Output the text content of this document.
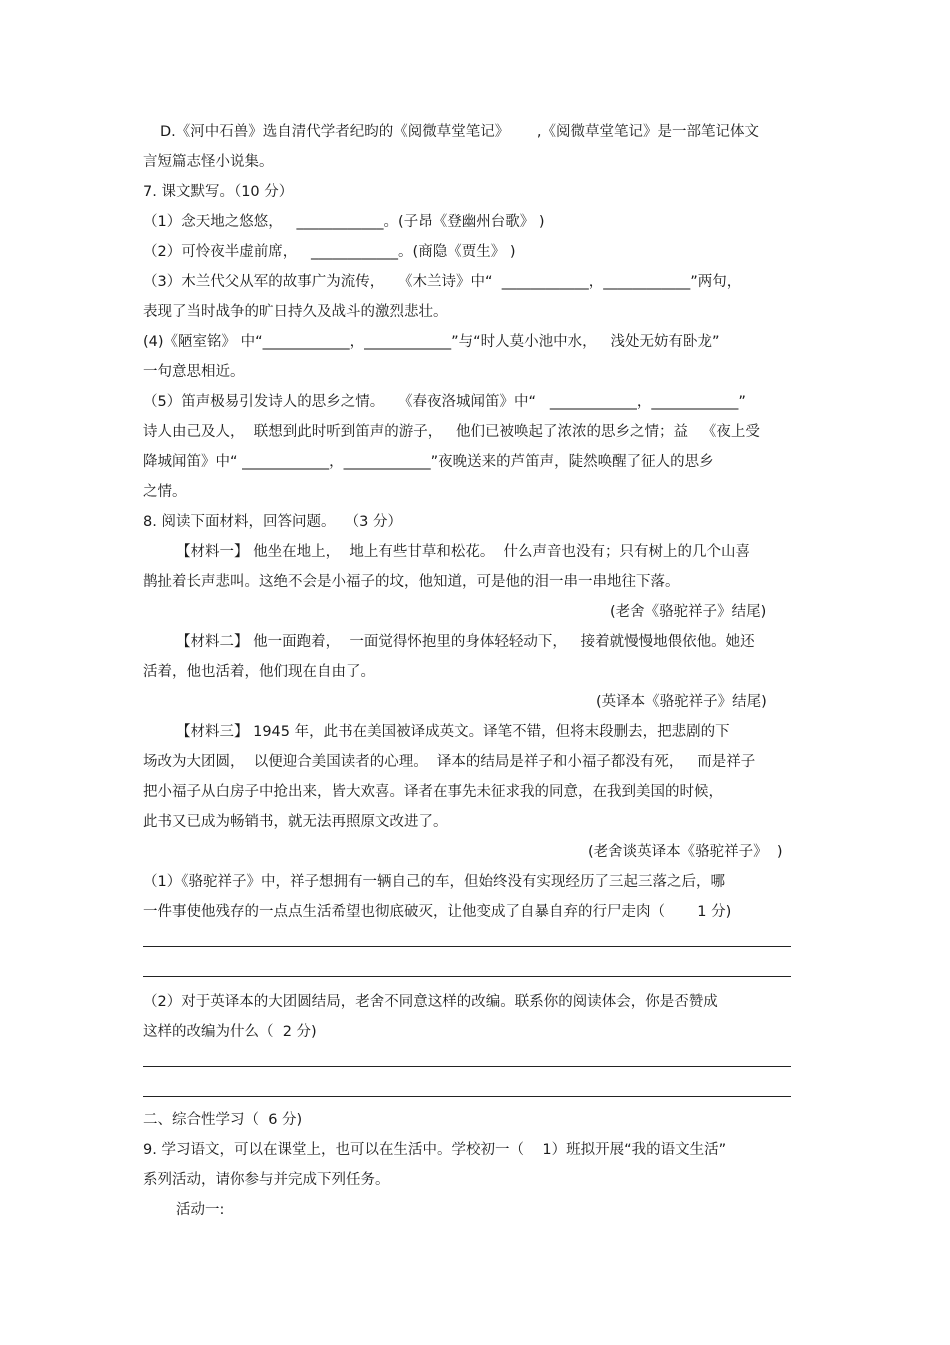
D.《河中石兽》选自清代学者纪昀的《阅微草堂笔记》      ,《阅微草堂笔记》是一部笔记体文
言短篇志怪小说集。
7. 课文默写。（10 分）
（1）念天地之悠悠，   ____________。(子昂《登幽州台歌》 )
（2）可怜夜半虚前席，   ____________。(商隐《贾生》 )
（3）木兰代父从军的故事广为流传，   《木兰诗》中“  ____________，____________”两句，
表现了当时战争的旷日持久及战斗的激烈悲壮。
(4)《陋室铭》 中“____________，____________”与“时人莫小池中水，   浅处无妨有卧龙”
一句意思相近。
（5）笛声极易引发诗人的思乡之情。   《春夜洛城闻笛》中“   ____________，____________”
诗人由己及人，  联想到此时听到笛声的游子，   他们已被唤起了浓浓的思乡之情；益   《夜上受
降城闻笛》中“ ____________，____________”夜晚送来的芦笛声，陡然唤醒了征人的思乡
之情。
8. 阅读下面材料，回答问题。  （3 分）
【材料一】 他坐在地上，  地上有些甘草和松花。  什么声音也没有；只有树上的几个山喜
鹊扯着长声悲叫。这绝不会是小福子的坟，他知道，可是他的泪一串一串地往下落。
(老舍《骆驼祥子》结尾)
【材料二】 他一面跑着，  一面觉得怀抱里的身体轻轻动下，   接着就慢慢地偎依他。她还
活着，他也活着，他们现在自由了。
(英译本《骆驼祥子》结尾)
【材料三】 1945 年，此书在美国被译成英文。译笔不错，但将末段删去，把悲剧的下
场改为大团圆，  以便迎合美国读者的心理。  译本的结局是祥子和小福子都没有死，   而是祥子
把小福子从白房子中抢出来，皆大欢喜。译者在事先未征求我的同意，在我到美国的时候，
此书又已成为畅销书，就无法再照原文改进了。
(老舍谈英译本《骆驼祥子》  )
（1）《骆驼祥子》中，祥子想拥有一辆自己的车，但始终没有实现经历了三起三落之后，哪
一件事使他残存的一点点生活希望也彻底破灭，让他变成了自暴自弃的行尸走肉（       1 分)
（2）对于英译本的大团圆结局，老舍不同意这样的改编。联系你的阅读体会，你是否赞成
这样的改编为什么（  2 分)
二、综合性学习（  6 分)
9. 学习语文，可以在课堂上，也可以在生活中。学校初一（    1）班拟开展“我的语文生活”
系列活动，请你参与并完成下列任务。
活动一:
